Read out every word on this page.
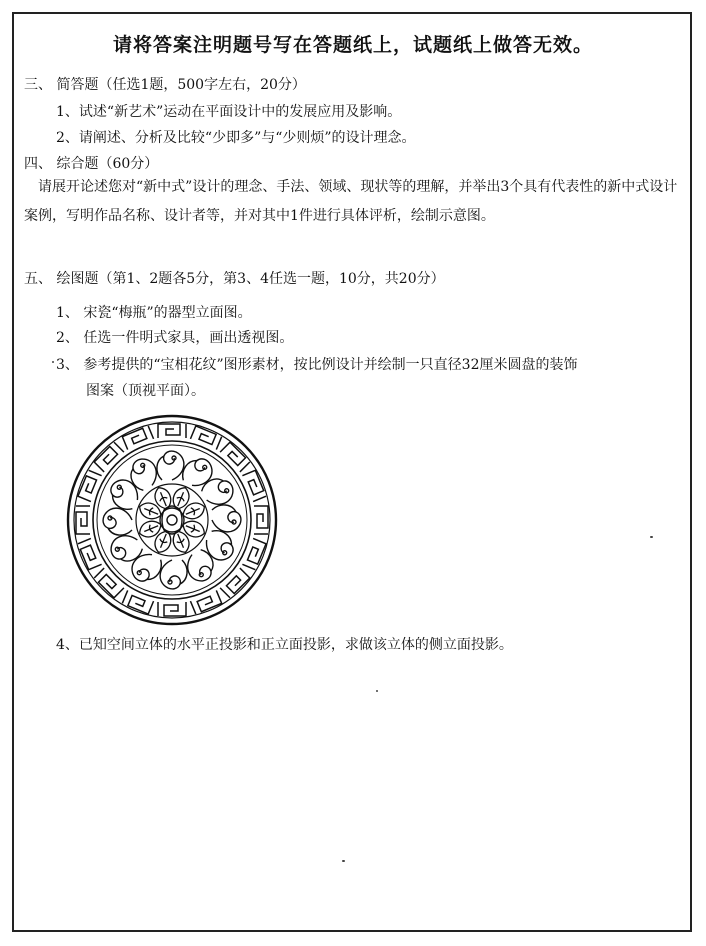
请将答案注明题号写在答题纸上，试题纸上做答无效。
三、 简答题（任选1题，500字左右，20分）
1、试述“新艺术”运动在平面设计中的发展应用及影响。
2、请阐述、分析及比较“少即多”与“少则烦”的设计理念。
四、 综合题（60分）
请展开论述您对“新中式”设计的理念、手法、领域、现状等的理解，并举出3个具有代表性的新中式设计案例，写明作品名称、设计者等，并对其中1件进行具体评析，绘制示意图。
五、 绘图题（第1、2题各5分，第3、4任选一题，10分，共20分）
1、 宋瓷“梅瓶”的器型立面图。
2、 任选一件明式家具，画出透视图。
3、 参考提供的“宝相花纹”图形素材，按比例设计并绘制一只直径32厘米圆盘的装饰
图案（顶视平面）。
4、已知空间立体的水平正投影和正立面投影，求做该立体的侧立面投影。
